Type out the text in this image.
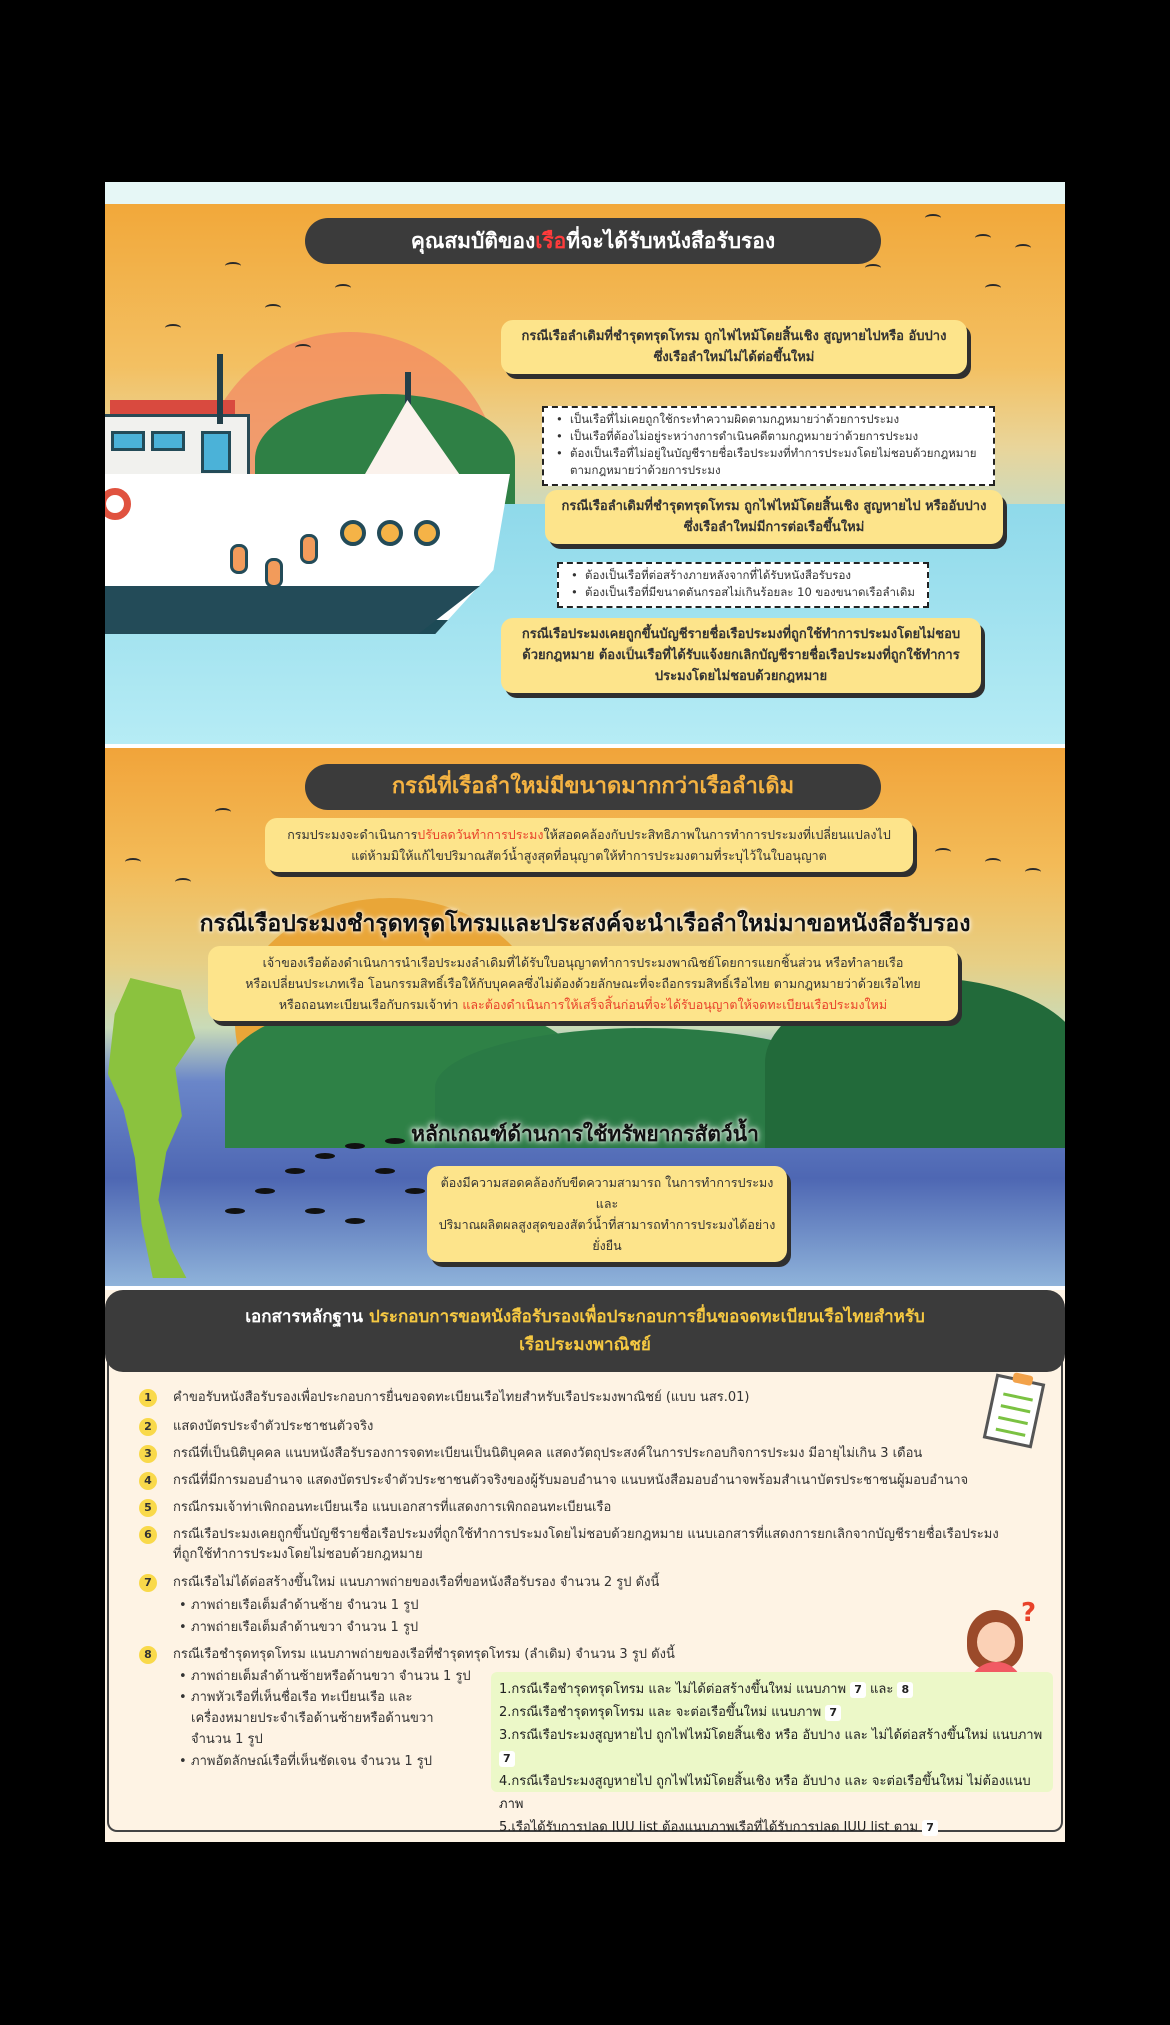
คุณสมบัติของเรือที่จะได้รับหนังสือรับรอง
กรณีเรือลำเดิมที่ชำรุดทรุดโทรม ถูกไฟไหม้โดยสิ้นเชิง สูญหายไปหรือ อับปาง
ซึ่งเรือลำใหม่ไม่ได้ต่อขึ้นใหม่
• เป็นเรือที่ไม่เคยถูกใช้กระทำความผิดตามกฎหมายว่าด้วยการประมง
• เป็นเรือที่ต้องไม่อยู่ระหว่างการดำเนินคดีตามกฎหมายว่าด้วยการประมง
• ต้องเป็นเรือที่ไม่อยู่ในบัญชีรายชื่อเรือประมงที่ทำการประมงโดยไม่ชอบด้วยกฎหมายตามกฎหมายว่าด้วยการประมง
กรณีเรือลำเดิมที่ชำรุดทรุดโทรม ถูกไฟไหม้โดยสิ้นเชิง สูญหายไป หรืออับปาง
ซึ่งเรือลำใหม่มีการต่อเรือขึ้นใหม่
• ต้องเป็นเรือที่ต่อสร้างภายหลังจากที่ได้รับหนังสือรับรอง
• ต้องเป็นเรือที่มีขนาดตันกรอสไม่เกินร้อยละ 10 ของขนาดเรือลำเดิม
กรณีเรือประมงเคยถูกขึ้นบัญชีรายชื่อเรือประมงที่ถูกใช้ทำการประมงโดยไม่ชอบ
ด้วยกฎหมาย ต้องเป็นเรือที่ได้รับแจ้งยกเลิกบัญชีรายชื่อเรือประมงที่ถูกใช้ทำการ
ประมงโดยไม่ชอบด้วยกฎหมาย
กรณีที่เรือลำใหม่มีขนาดมากกว่าเรือลำเดิม
กรมประมงจะดำเนินการปรับลดวันทำการประมงให้สอดคล้องกับประสิทธิภาพในการทำการประมงที่เปลี่ยนแปลงไป
แต่ห้ามมิให้แก้ไขปริมาณสัตว์น้ำสูงสุดที่อนุญาตให้ทำการประมงตามที่ระบุไว้ในใบอนุญาต
กรณีเรือประมงชำรุดทรุดโทรมและประสงค์จะนำเรือลำใหม่มาขอหนังสือรับรอง
เจ้าของเรือต้องดำเนินการนำเรือประมงลำเดิมที่ได้รับใบอนุญาตทำการประมงพาณิชย์โดยการแยกชิ้นส่วน หรือทำลายเรือ
หรือเปลี่ยนประเภทเรือ โอนกรรมสิทธิ์เรือให้กับบุคคลซึ่งไม่ต้องด้วยลักษณะที่จะถือกรรมสิทธิ์เรือไทย ตามกฎหมายว่าด้วยเรือไทย
หรือถอนทะเบียนเรือกับกรมเจ้าท่า และต้องดำเนินการให้เสร็จสิ้นก่อนที่จะได้รับอนุญาตให้จดทะเบียนเรือประมงใหม่
หลักเกณฑ์ด้านการใช้ทรัพยากรสัตว์น้ำ
ต้องมีความสอดคล้องกับขีดความสามารถ ในการทำการประมงและ
ปริมาณผลิตผลสูงสุดของสัตว์น้ำที่สามารถทำการประมงได้อย่างยั่งยืน
เอกสารหลักฐาน ประกอบการขอหนังสือรับรองเพื่อประกอบการยื่นขอจดทะเบียนเรือไทยสำหรับ
เรือประมงพาณิชย์
1	คำขอรับหนังสือรับรองเพื่อประกอบการยื่นขอจดทะเบียนเรือไทยสำหรับเรือประมงพาณิชย์ (แบบ นสร.01)
2	แสดงบัตรประจำตัวประชาชนตัวจริง
3	กรณีที่เป็นนิติบุคคล แนบหนังสือรับรองการจดทะเบียนเป็นนิติบุคคล แสดงวัตถุประสงค์ในการประกอบกิจการประมง มีอายุไม่เกิน 3 เดือน
4	กรณีที่มีการมอบอำนาจ แสดงบัตรประจำตัวประชาชนตัวจริงของผู้รับมอบอำนาจ แนบหนังสือมอบอำนาจพร้อมสำเนาบัตรประชาชนผู้มอบอำนาจ
5	กรณีกรมเจ้าท่าเพิกถอนทะเบียนเรือ แนบเอกสารที่แสดงการเพิกถอนทะเบียนเรือ
6	กรณีเรือประมงเคยถูกขึ้นบัญชีรายชื่อเรือประมงที่ถูกใช้ทำการประมงโดยไม่ชอบด้วยกฎหมาย แนบเอกสารที่แสดงการยกเลิกจากบัญชีรายชื่อเรือประมง
ที่ถูกใช้ทำการประมงโดยไม่ชอบด้วยกฎหมาย
7	กรณีเรือไม่ได้ต่อสร้างขึ้นใหม่ แนบภาพถ่ายของเรือที่ขอหนังสือรับรอง จำนวน 2 รูป ดังนี้
8	กรณีเรือชำรุดทรุดโทรม แนบภาพถ่ายของเรือที่ชำรุดทรุดโทรม (ลำเดิม) จำนวน 3 รูป ดังนี้
• ภาพถ่ายเรือเต็มลำด้านซ้าย จำนวน 1 รูป
• ภาพถ่ายเรือเต็มลำด้านขวา จำนวน 1 รูป
• ภาพถ่ายเต็มลำด้านซ้ายหรือด้านขวา จำนวน 1 รูป
• ภาพหัวเรือที่เห็นชื่อเรือ ทะเบียนเรือ และ
เครื่องหมายประจำเรือด้านซ้ายหรือด้านขวา
จำนวน 1 รูป
• ภาพอัตลักษณ์เรือที่เห็นชัดเจน จำนวน 1 รูป
?
1.กรณีเรือชำรุดทรุดโทรม และ ไม่ได้ต่อสร้างขึ้นใหม่ แนบภาพ 7 และ 8
2.กรณีเรือชำรุดทรุดโทรม และ จะต่อเรือขึ้นใหม่ แนบภาพ 7
3.กรณีเรือประมงสูญหายไป ถูกไฟไหม้โดยสิ้นเชิง หรือ อับปาง และ ไม่ได้ต่อสร้างขึ้นใหม่ แนบภาพ 7
4.กรณีเรือประมงสูญหายไป ถูกไฟไหม้โดยสิ้นเชิง หรือ อับปาง และ จะต่อเรือขึ้นใหม่ ไม่ต้องแนบภาพ
5.เรือได้รับการปลด IUU list ต้องแนบภาพเรือที่ได้รับการปลด IUU list ตาม 7
